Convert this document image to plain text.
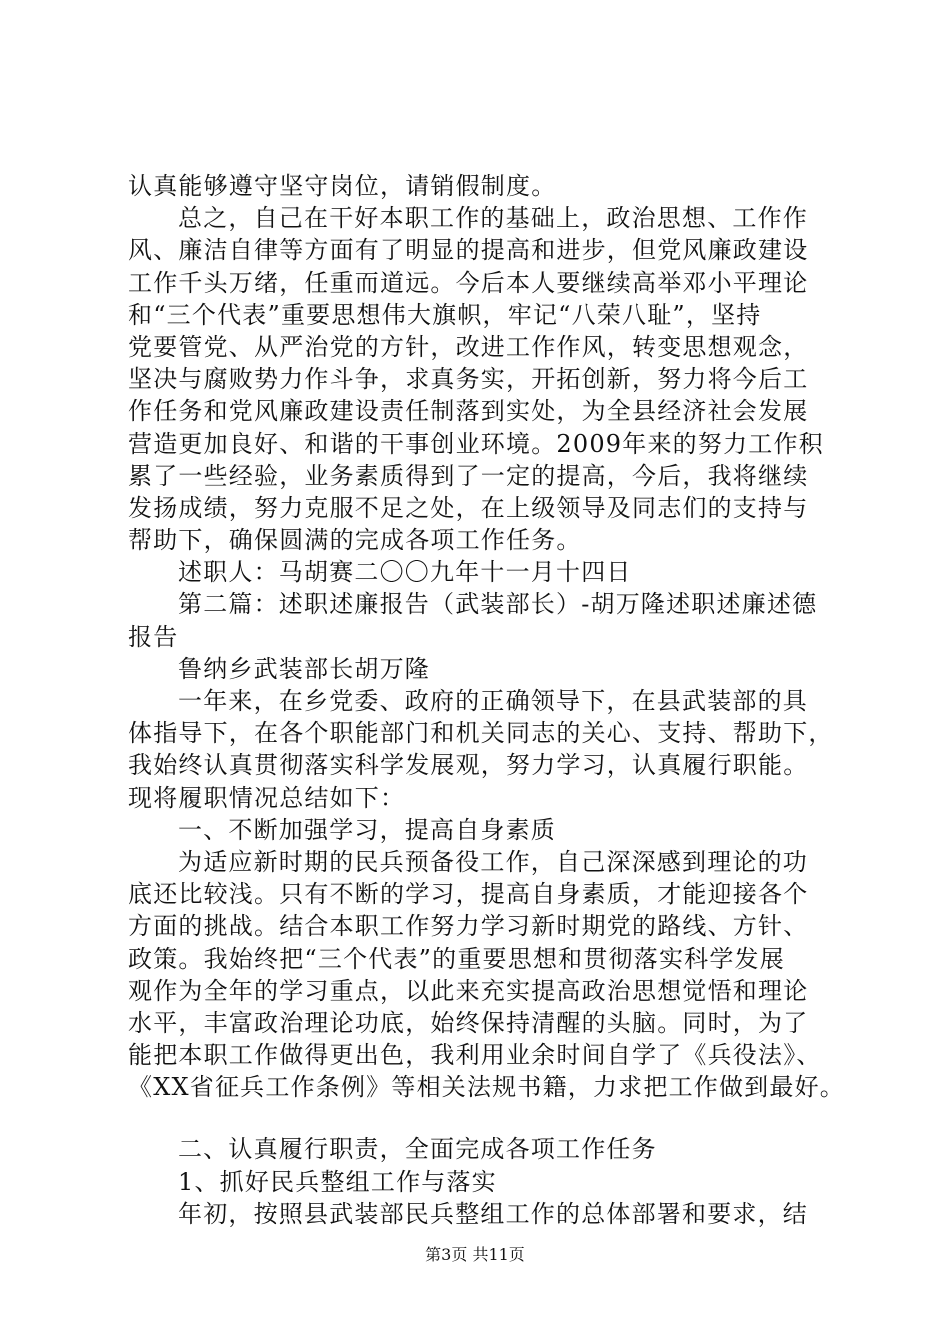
认真能够遵守坚守岗位，请销假制度。
总之，自己在干好本职工作的基础上，政治思想、工作作
风、廉洁自律等方面有了明显的提高和进步，但党风廉政建设
工作千头万绪，任重而道远。今后本人要继续高举邓小平理论
和“三个代表”重要思想伟大旗帜，牢记“八荣八耻”，坚持
党要管党、从严治党的方针，改进工作作风，转变思想观念，
坚决与腐败势力作斗争，求真务实，开拓创新，努力将今后工
作任务和党风廉政建设责任制落到实处，为全县经济社会发展
营造更加良好、和谐的干事创业环境。2009年来的努力工作积
累了一些经验，业务素质得到了一定的提高，今后，我将继续
发扬成绩，努力克服不足之处，在上级领导及同志们的支持与
帮助下，确保圆满的完成各项工作任务。
述职人：马胡赛二〇〇九年十一月十四日
第二篇：述职述廉报告（武装部长）-胡万隆述职述廉述德
报告
鲁纳乡武装部长胡万隆
一年来，在乡党委、政府的正确领导下，在县武装部的具
体指导下，在各个职能部门和机关同志的关心、支持、帮助下，
我始终认真贯彻落实科学发展观，努力学习，认真履行职能。
现将履职情况总结如下：
一、不断加强学习，提高自身素质
为适应新时期的民兵预备役工作，自己深深感到理论的功
底还比较浅。只有不断的学习，提高自身素质，才能迎接各个
方面的挑战。结合本职工作努力学习新时期党的路线、方针、
政策。我始终把“三个代表”的重要思想和贯彻落实科学发展
观作为全年的学习重点，以此来充实提高政治思想觉悟和理论
水平，丰富政治理论功底，始终保持清醒的头脑。同时，为了
能把本职工作做得更出色，我利用业余时间自学了《兵役法》、
《XX省征兵工作条例》等相关法规书籍，力求把工作做到最好。
二、认真履行职责，全面完成各项工作任务
1、抓好民兵整组工作与落实
年初，按照县武装部民兵整组工作的总体部署和要求，结
第3页 共11页
